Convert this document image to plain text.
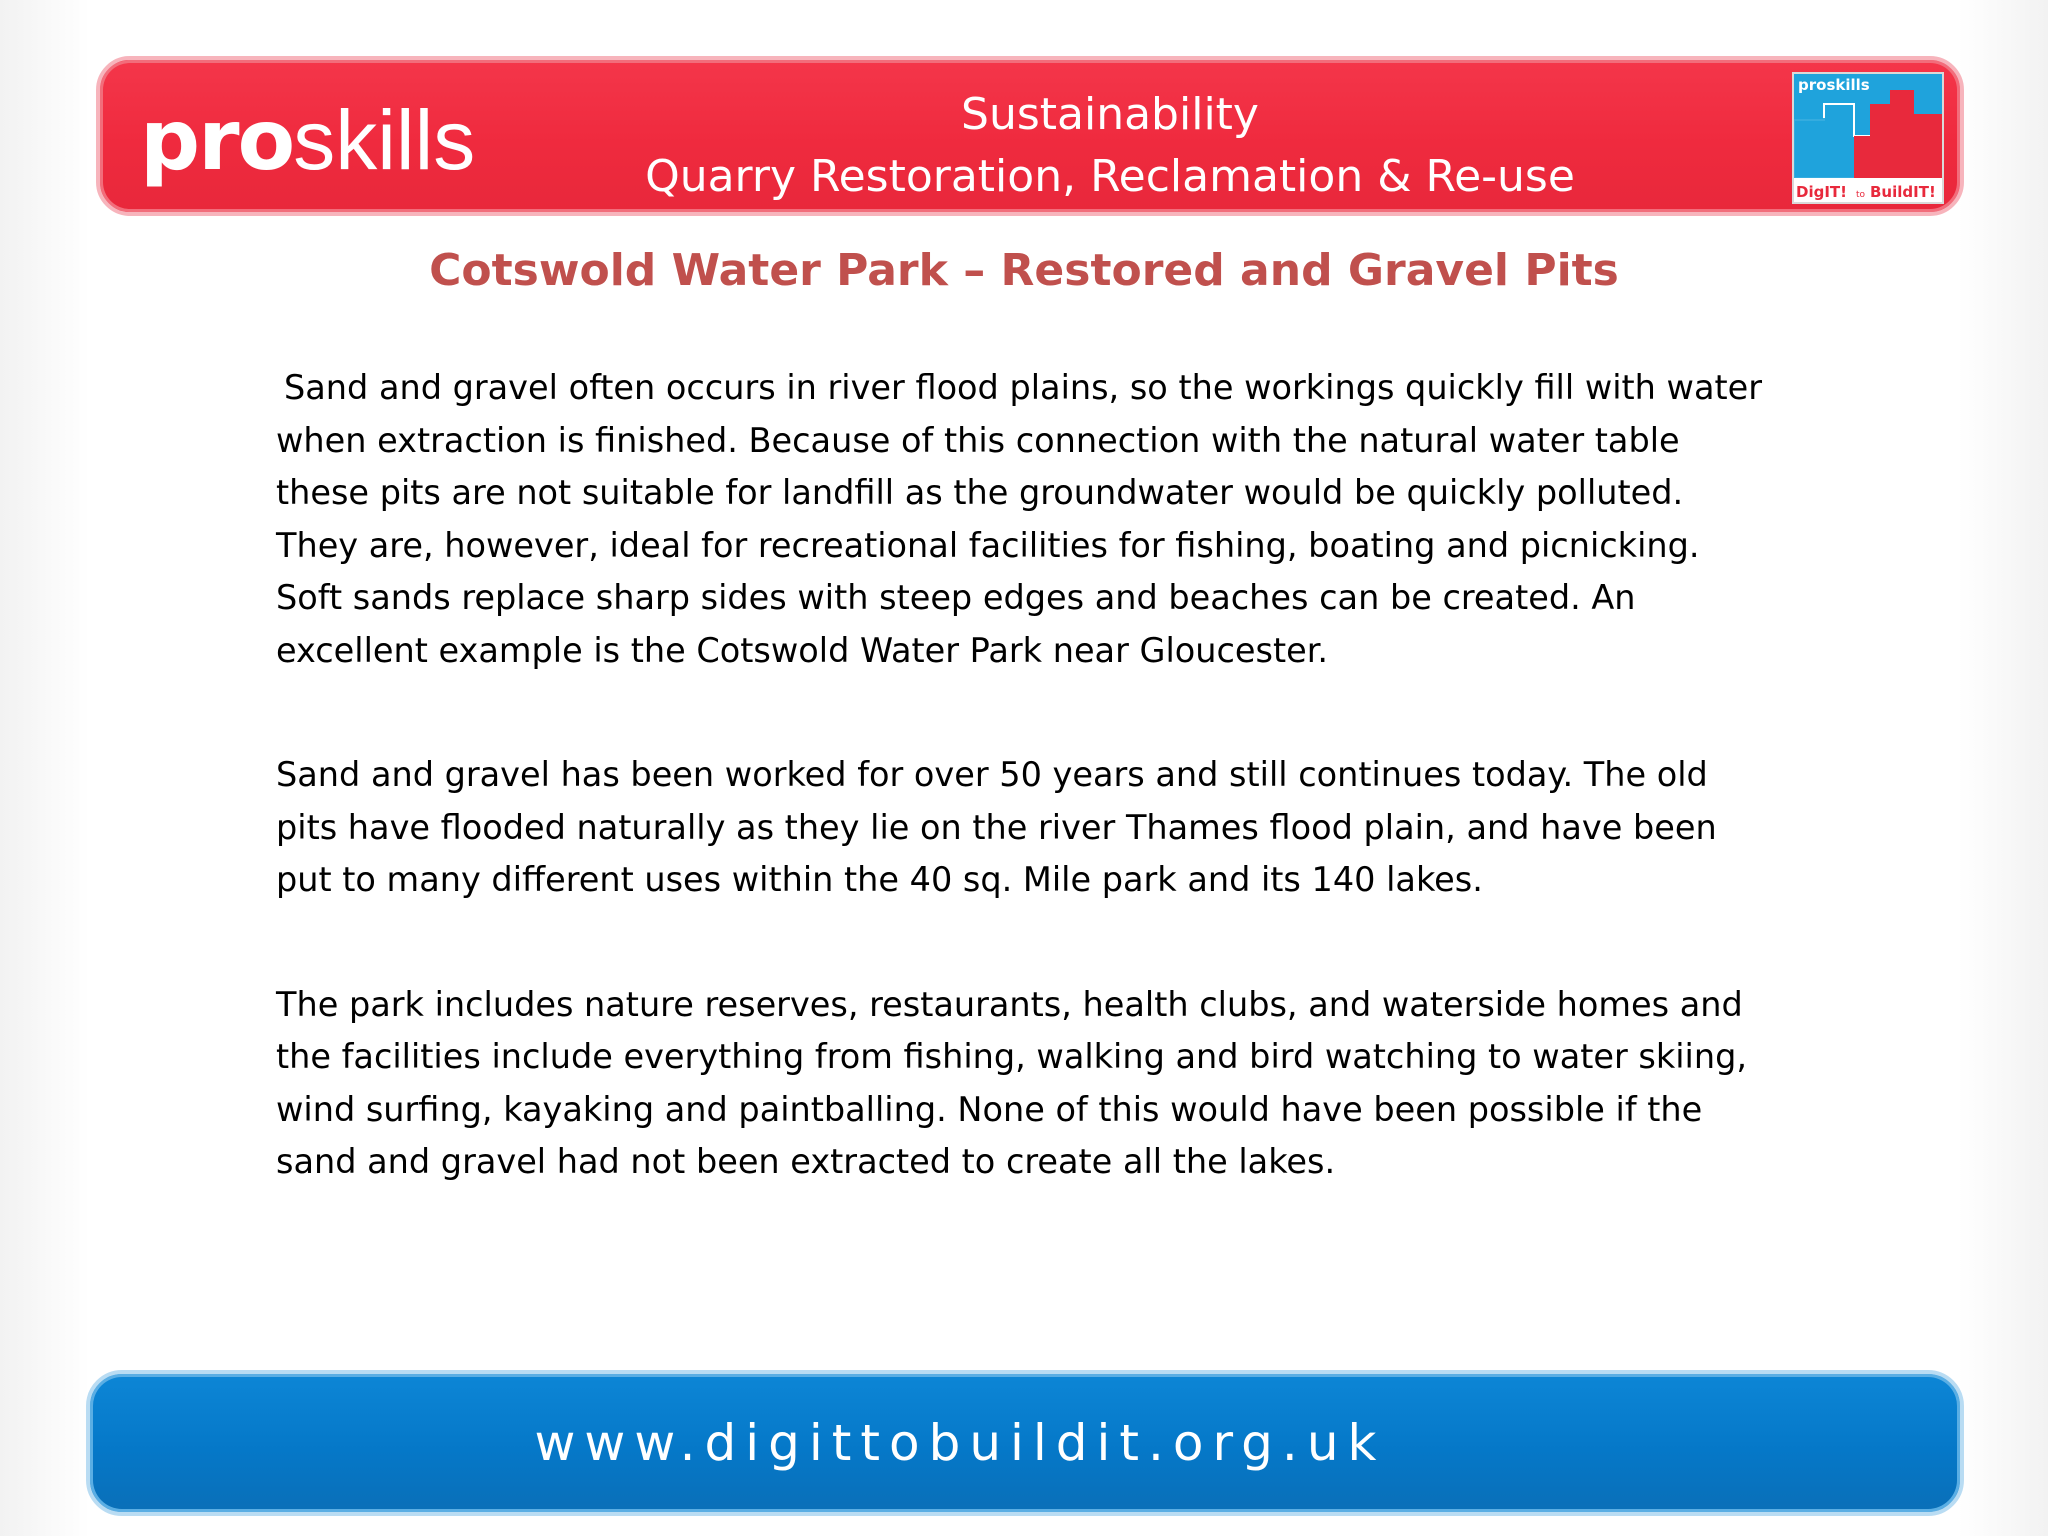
proskills	Sustainability
Quarry Restoration, Reclamation & Re-use
proskills
DigIT! to BuildIT!
Cotswold Water Park – Restored and Gravel Pits

Sand and gravel often occurs in river flood plains, so the workings quickly fill with water when extraction is finished. Because of this connection with the natural water table these pits are not suitable for landfill as the groundwater would be quickly polluted. They are, however, ideal for recreational facilities for fishing, boating and picnicking. Soft sands replace sharp sides with steep edges and beaches can be created. An excellent example is the Cotswold Water Park near Gloucester.

Sand and gravel has been worked for over 50 years and still continues today. The old pits have flooded naturally as they lie on the river Thames flood plain, and have been put to many different uses within the 40 sq. Mile park and its 140 lakes.

The park includes nature reserves, restaurants, health clubs, and waterside homes and the facilities include everything from fishing, walking and bird watching to water skiing, wind surfing, kayaking and paintballing. None of this would have been possible if the sand and gravel had not been extracted to create all the lakes.

www.digittobuildit.org.uk
